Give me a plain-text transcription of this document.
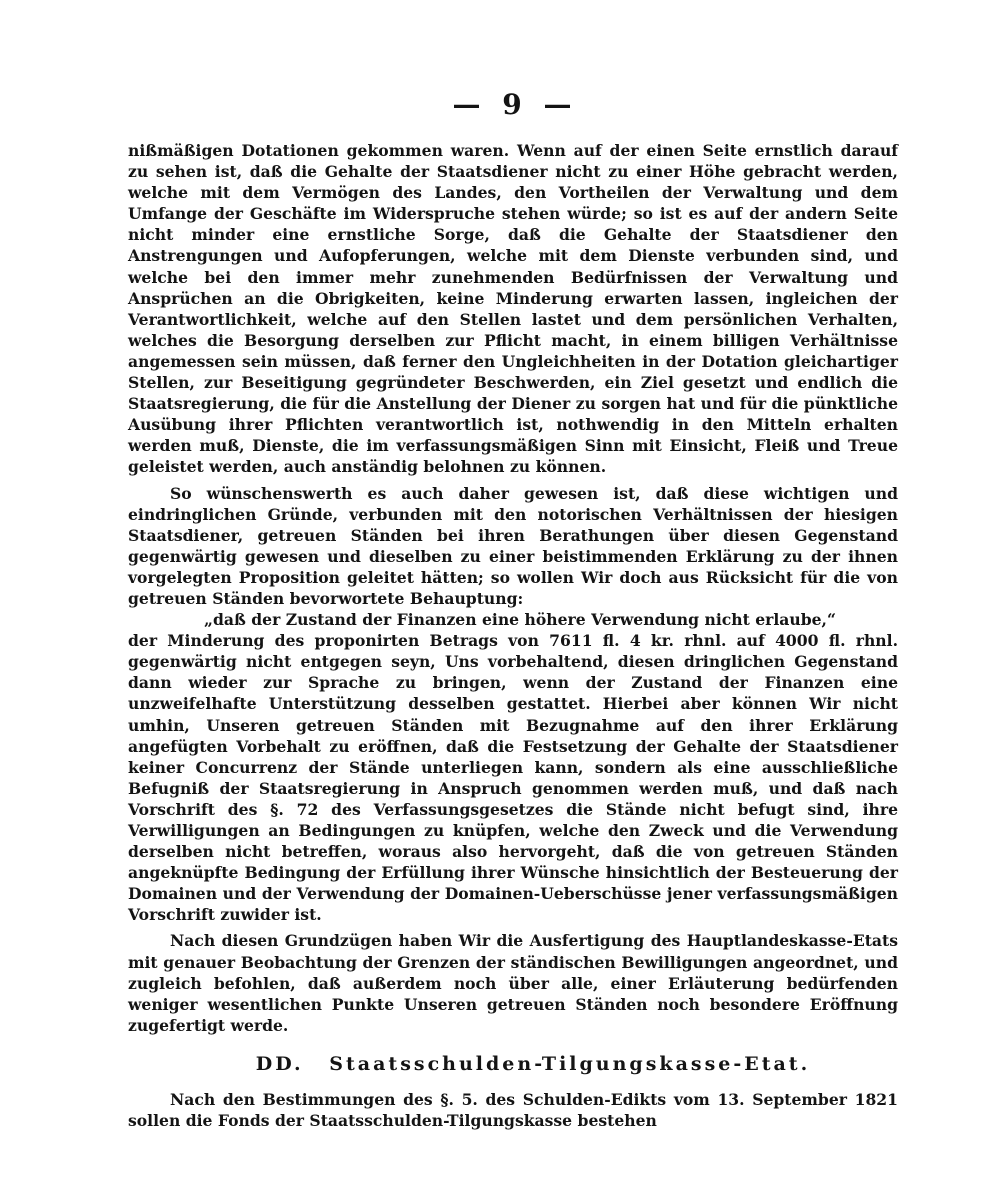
— 9 —

nißmäßigen Dotationen gekommen waren. Wenn auf der einen Seite ernstlich darauf zu sehen ist, daß die Gehalte der Staatsdiener nicht zu einer Höhe gebracht werden, welche mit dem Vermögen des Landes, den Vortheilen der Verwaltung und dem Umfange der Geschäfte im Widerspruche stehen würde; so ist es auf der andern Seite nicht minder eine ernstliche Sorge, daß die Gehalte der Staatsdiener den Anstrengungen und Aufopferungen, welche mit dem Dienste verbunden sind, und welche bei den immer mehr zunehmenden Bedürfnissen der Verwaltung und Ansprüchen an die Obrigkeiten, keine Minderung erwarten lassen, ingleichen der Verantwortlichkeit, welche auf den Stellen lastet und dem persönlichen Verhalten, welches die Besorgung derselben zur Pflicht macht, in einem billigen Verhältnisse angemessen sein müssen, daß ferner den Ungleichheiten in der Dotation gleichartiger Stellen, zur Beseitigung gegründeter Beschwerden, ein Ziel gesetzt und endlich die Staatsregierung, die für die Anstellung der Diener zu sorgen hat und für die pünktliche Ausübung ihrer Pflichten verantwortlich ist, nothwendig in den Mitteln erhalten werden muß, Dienste, die im verfassungsmäßigen Sinn mit Einsicht, Fleiß und Treue geleistet werden, auch anständig belohnen zu können.

So wünschenswerth es auch daher gewesen ist, daß diese wichtigen und eindringlichen Gründe, verbunden mit den notorischen Verhältnissen der hiesigen Staatsdiener, getreuen Ständen bei ihren Berathungen über diesen Gegenstand gegenwärtig gewesen und dieselben zu einer beistimmenden Erklärung zu der ihnen vorgelegten Proposition geleitet hätten; so wollen Wir doch aus Rücksicht für die von getreuen Ständen bevorwortete Behauptung:

„daß der Zustand der Finanzen eine höhere Verwendung nicht erlaube,“

der Minderung des proponirten Betrags von 7611 fl. 4 kr. rhnl. auf 4000 fl. rhnl. gegenwärtig nicht entgegen seyn, Uns vorbehaltend, diesen dringlichen Gegenstand dann wieder zur Sprache zu bringen, wenn der Zustand der Finanzen eine unzweifelhafte Unterstützung desselben gestattet. Hierbei aber können Wir nicht umhin, Unseren getreuen Ständen mit Bezugnahme auf den ihrer Erklärung angefügten Vorbehalt zu eröffnen, daß die Festsetzung der Gehalte der Staatsdiener keiner Concurrenz der Stände unterliegen kann, sondern als eine ausschließliche Befugniß der Staatsregierung in Anspruch genommen werden muß, und daß nach Vorschrift des §. 72 des Verfassungsgesetzes die Stände nicht befugt sind, ihre Verwilligungen an Bedingungen zu knüpfen, welche den Zweck und die Verwendung derselben nicht betreffen, woraus also hervorgeht, daß die von getreuen Ständen angeknüpfte Bedingung der Erfüllung ihrer Wünsche hinsichtlich der Besteuerung der Domainen und der Verwendung der Domainen-Ueberschüsse jener verfassungsmäßigen Vorschrift zuwider ist.

Nach diesen Grundzügen haben Wir die Ausfertigung des Hauptlandeskasse-Etats mit genauer Beobachtung der Grenzen der ständischen Bewilligungen angeordnet, und zugleich befohlen, daß außerdem noch über alle, einer Erläuterung bedürfenden weniger wesentlichen Punkte Unseren getreuen Ständen noch besondere Eröffnung zugefertigt werde.

DD. Staatsschulden-Tilgungskasse-Etat.

Nach den Bestimmungen des §. 5. des Schulden-Edikts vom 13. September 1821 sollen die Fonds der Staatsschulden-Tilgungskasse bestehen
